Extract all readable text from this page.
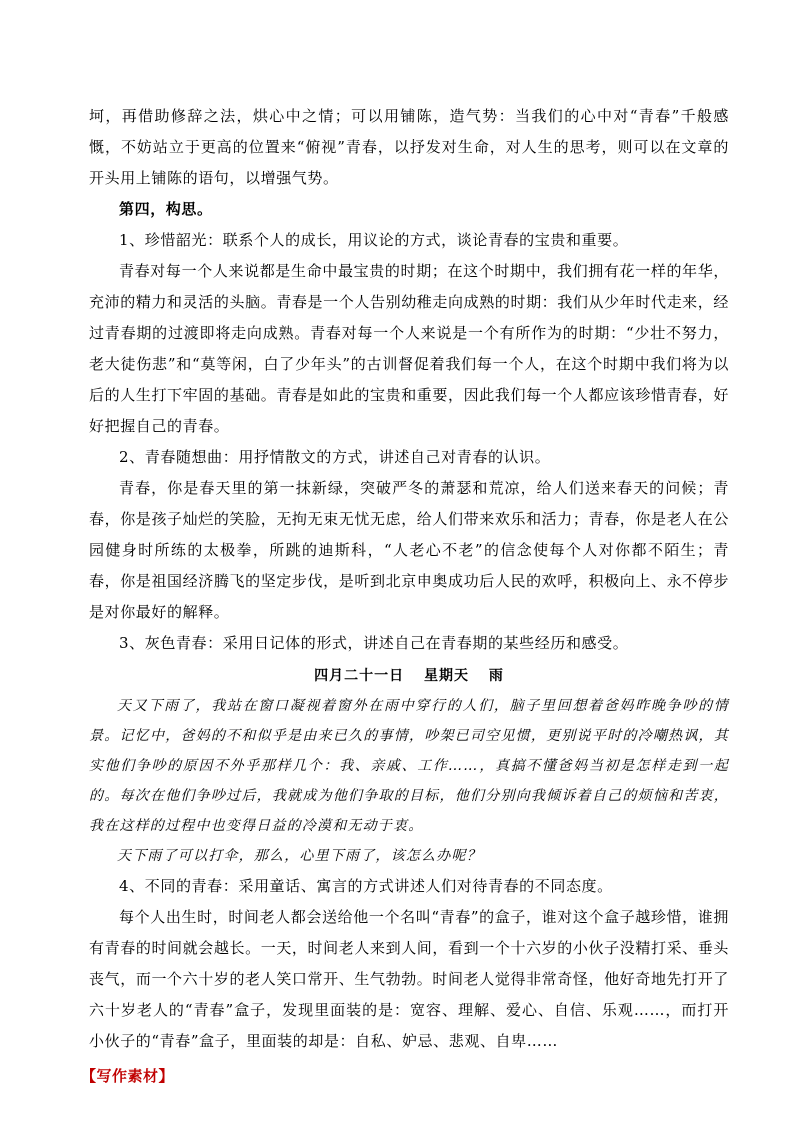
坷，再借助修辞之法，烘心中之情；可以用铺陈，造气势：当我们的心中对“青春”千般感慨，不妨站立于更高的位置来“俯视”青春，以抒发对生命，对人生的思考，则可以在文章的开头用上铺陈的语句，以增强气势。

第四，构思。

1、珍惜韶光：联系个人的成长，用议论的方式，谈论青春的宝贵和重要。

青春对每一个人来说都是生命中最宝贵的时期；在这个时期中，我们拥有花一样的年华，充沛的精力和灵活的头脑。青春是一个人告别幼稚走向成熟的时期：我们从少年时代走来，经过青春期的过渡即将走向成熟。青春对每一个人来说是一个有所作为的时期：“少壮不努力，老大徒伤悲”和“莫等闲，白了少年头”的古训督促着我们每一个人，在这个时期中我们将为以后的人生打下牢固的基础。青春是如此的宝贵和重要，因此我们每一个人都应该珍惜青春，好好把握自己的青春。

2、青春随想曲：用抒情散文的方式，讲述自己对青春的认识。

青春，你是春天里的第一抹新绿，突破严冬的萧瑟和荒凉，给人们送来春天的问候；青春，你是孩子灿烂的笑脸，无拘无束无忧无虑，给人们带来欢乐和活力；青春，你是老人在公园健身时所练的太极拳，所跳的迪斯科，“人老心不老”的信念使每个人对你都不陌生；青春，你是祖国经济腾飞的坚定步伐，是听到北京申奥成功后人民的欢呼，积极向上、永不停步是对你最好的解释。

3、灰色青春：采用日记体的形式，讲述自己在青春期的某些经历和感受。

四月二十一日 星期天 雨

天又下雨了，我站在窗口凝视着窗外在雨中穿行的人们，脑子里回想着爸妈昨晚争吵的情景。记忆中，爸妈的不和似乎是由来已久的事情，吵架已司空见惯，更别说平时的冷嘲热讽，其实他们争吵的原因不外乎那样几个：我、亲戚、工作……，真搞不懂爸妈当初是怎样走到一起的。每次在他们争吵过后，我就成为他们争取的目标，他们分别向我倾诉着自己的烦恼和苦衷，我在这样的过程中也变得日益的冷漠和无动于衷。

天下雨了可以打伞，那么，心里下雨了，该怎么办呢？

4、不同的青春：采用童话、寓言的方式讲述人们对待青春的不同态度。

每个人出生时，时间老人都会送给他一个名叫“青春”的盒子，谁对这个盒子越珍惜，谁拥有青春的时间就会越长。一天，时间老人来到人间，看到一个十六岁的小伙子没精打采、垂头丧气，而一个六十岁的老人笑口常开、生气勃勃。时间老人觉得非常奇怪，他好奇地先打开了六十岁老人的“青春”盒子，发现里面装的是：宽容、理解、爱心、自信、乐观……，而打开小伙子的“青春”盒子，里面装的却是：自私、妒忌、悲观、自卑……

【写作素材】
